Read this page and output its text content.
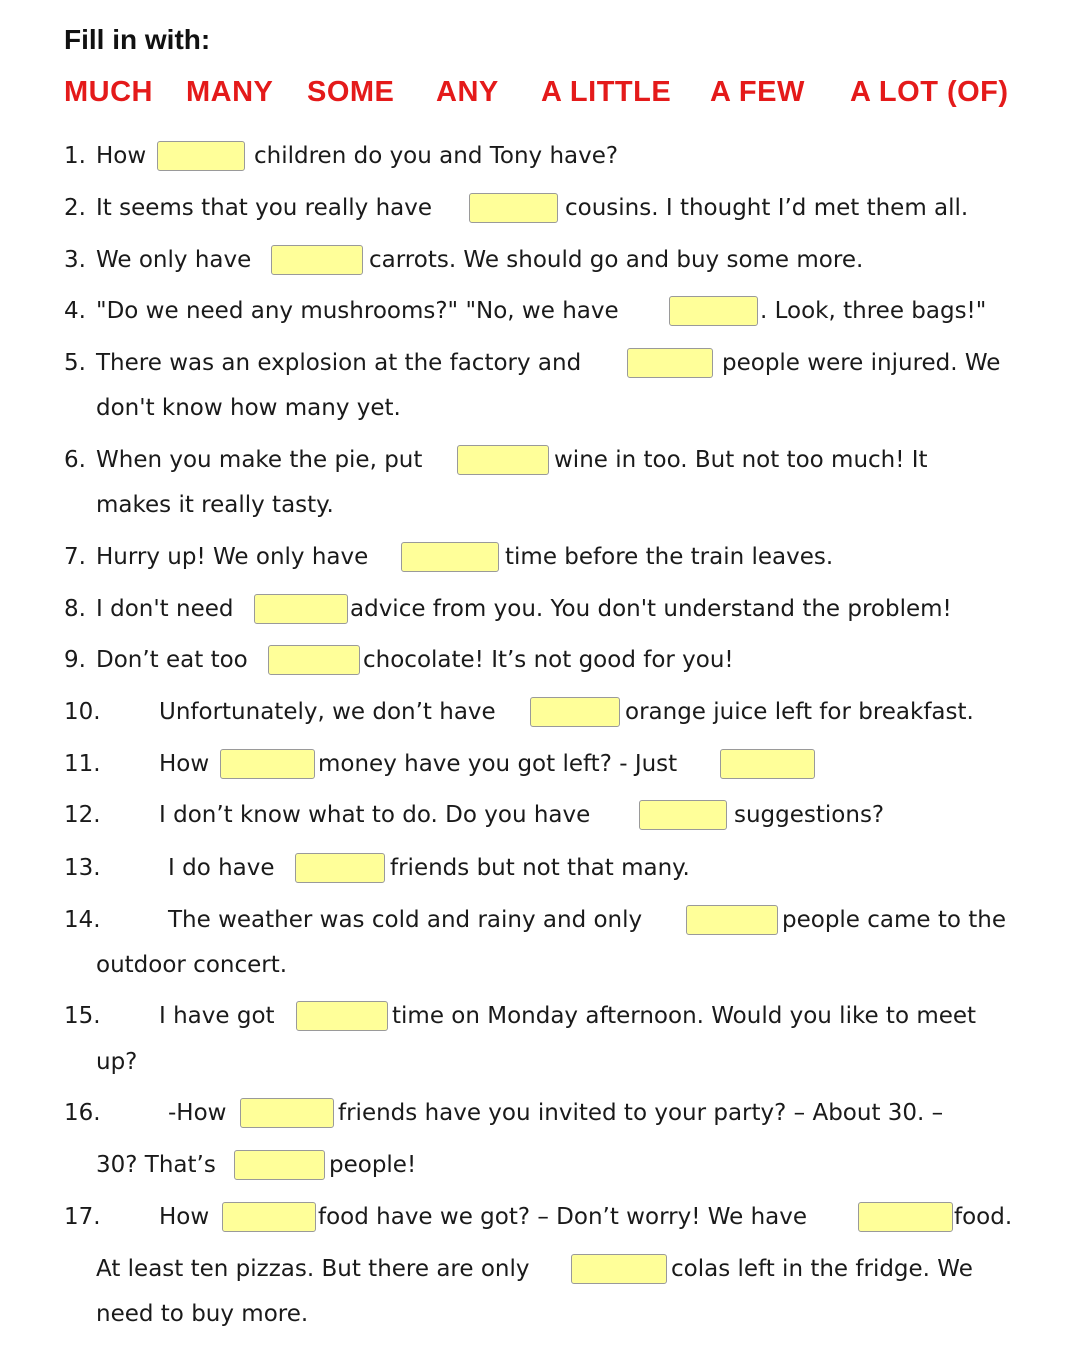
Fill in with:
MUCH MANY SOME ANY A LITTLE A FEW A LOT (OF)
1. How	children do you and Tony have?
2. It seems that you really have	cousins. I thought I’d met them all.
3. We only have	carrots. We should go and buy some more.
4. "Do we need any mushrooms?" "No, we have	. Look, three bags!"
5. There was an explosion at the factory and	people were injured. We
don't know how many yet.
6. When you make the pie, put	wine in too. But not too much! It
makes it really tasty.
7. Hurry up! We only have	time before the train leaves.
8. I don't need	advice from you. You don't understand the problem!
9. Don’t eat too	chocolate! It’s not good for you!
10.	Unfortunately, we don’t have	orange juice left for breakfast.
11.	How	money have you got left? - Just
12.	I don’t know what to do. Do you have	suggestions?
13.	I do have	friends but not that many.
14.	The weather was cold and rainy and only	people came to the
outdoor concert.
15.	I have got	time on Monday afternoon. Would you like to meet
up?
16.	-How	friends have you invited to your party? – About 30. –
30? That’s	people!
17.	How	food have we got? – Don’t worry! We have	food.
At least ten pizzas. But there are only	colas left in the fridge. We
need to buy more.
